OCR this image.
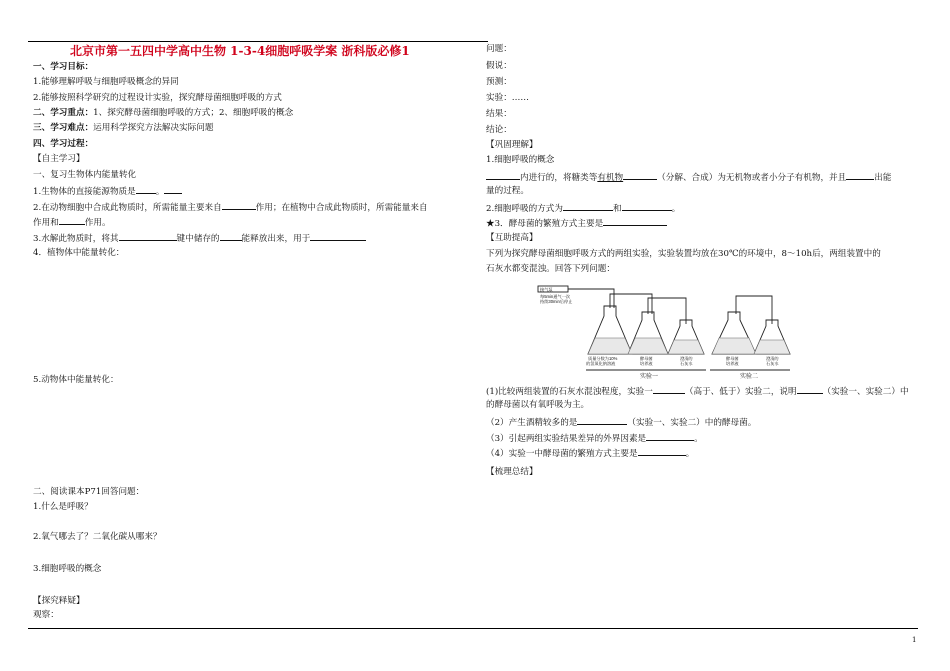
北京市第一五四中学高中生物 1-3-4细胞呼吸学案 浙科版必修1
一、学习目标：
1.能够理解呼吸与细胞呼吸概念的异同
2.能够按照科学研究的过程设计实验，探究酵母菌细胞呼吸的方式
二、学习重点：1、探究酵母菌细胞呼吸的方式；2、细胞呼吸的概念
三、学习难点：运用科学探究方法解决实际问题
四、学习过程：
【自主学习】
一、复习生物体内能量转化
1.生物体的直接能源物质是 。
2.在动物细胞中合成此物质时，所需能量主要来自	作用；在植物中合成此物质时，所需能量来自
作用和	作用。
3.水解此物质时，将其	键中储存的	能释放出来，用于
4．植物体中能量转化：
5.动物体中能量转化：
二、阅读课本P71回答问题：
1.什么是呼吸？
2.氧气哪去了？二氧化碳从哪来？
3.细胞呼吸的概念
【探究释疑】
观察：
问题：
假说：
预测：
实验：……
结果：
结论：
【巩固理解】
1.细胞呼吸的概念
内进行的，将糖类等有机物	（分解、合成）为无机物或者小分子有机物，并且	出能
量的过程。
2.细胞呼吸的方式为	和	。
★3．酵母菌的繁殖方式主要是
【互助提高】
下列为探究酵母菌细胞呼吸方式的两组实验，实验装置均放在30℃的环境中，8～10h后，两组装置中的
石灰水都变混浊。回答下列问题：
接气泵
每5min通气一次
持续30min后停止
质量分数为10%
的氢氧化钠溶液
酵母菌
培养液
澄清的
石灰水
酵母菌
培养液
澄清的
石灰水
实验一	实验二
(1)比较两组装置的石灰水混浊程度，实验一	（高于、低于）实验二，说明	（实验一、实验二）中
的酵母菌以有氧呼吸为主。
（2）产生酒精较多的是	（实验一、实验二）中的酵母菌。
（3）引起两组实验结果差异的外界因素是	。
（4）实验一中酵母菌的繁殖方式主要是	。
【梳理总结】
1
